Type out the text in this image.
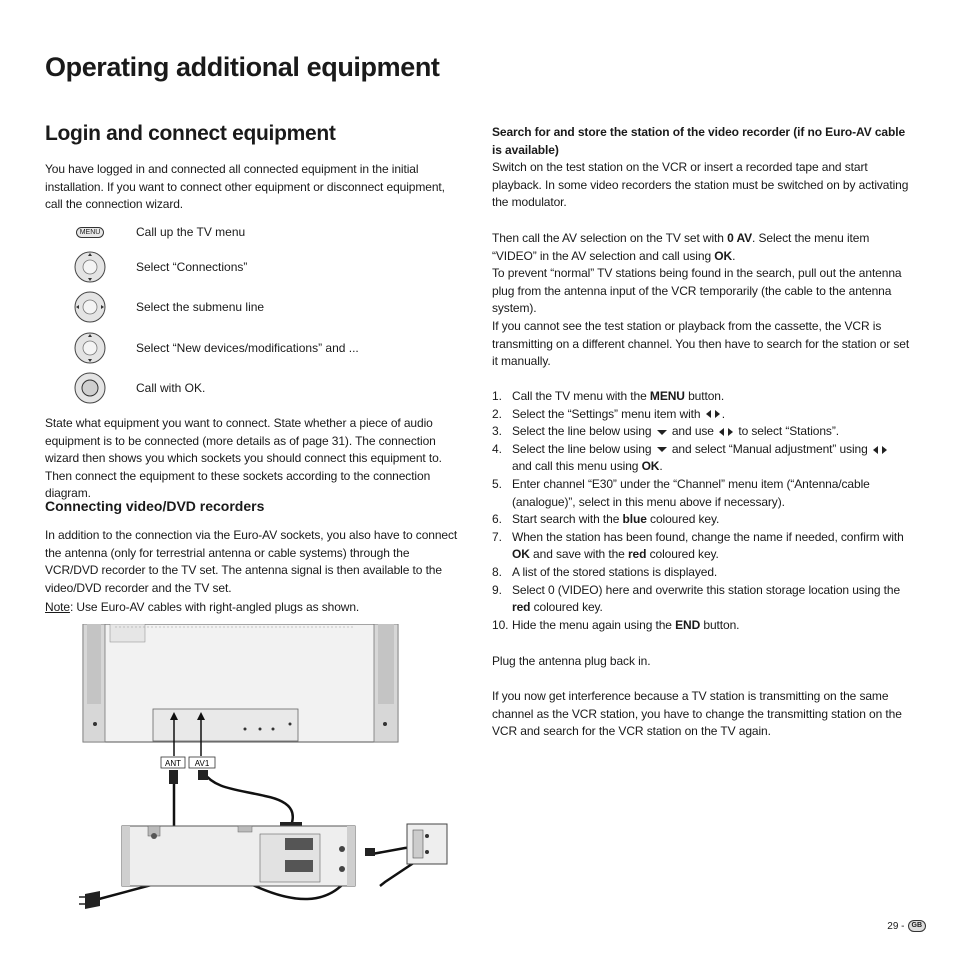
Operating additional equipment
Login and connect equipment
You have logged in and connected all connected equipment in the initial installation. If you want to connect other equipment or disconnect equipment, call the connection wizard.
MENU	Call up the TV menu
Select “Connections”
Select the submenu line
Select “New devices/modifications” and ...
Call with OK.
State what equipment you want to connect. State whether a piece of audio equipment is to be connected (more details as of page 31). The connection wizard then shows you which sockets you should connect this equipment to. Then connect the equipment to these sockets according to the connection diagram.
Connecting video/DVD recorders
In addition to the connection via the Euro-AV sockets, you also have to connect the antenna (only for terrestrial antenna or cable systems) through the VCR/DVD recorder to the TV set. The antenna signal is then available to the video/DVD recorder and the TV set.
Note: Use Euro-AV cables with right-angled plugs as shown.
ANT AV1
Search for and store the station of the video recorder (if no Euro-AV cable is available)
Switch on the test station on the VCR or insert a recorded tape and start playback. In some video recorders the station must be switched on by activating the modulator.
Then call the AV selection on the TV set with 0 AV. Select the menu item “VIDEO” in the AV selection and call using OK.
To prevent “normal” TV stations being found in the search, pull out the antenna plug from the antenna input of the VCR temporarily (the cable to the antenna system).
If you cannot see the test station or playback from the cassette, the VCR is transmitting on a different channel. You then have to search for the station or set it manually.
1. Call the TV menu with the MENU button.
2. Select the “Settings” menu item with .
3. Select the line below using  and use  to select “Stations”.
4. Select the line below using  and select “Manual adjustment” using
and call this menu using OK.
5. Enter channel “E30” under the “Channel” menu item (“Antenna/cable (analogue)”, select in this menu above if necessary).
6. Start search with the blue coloured key.
7. When the station has been found, change the name if needed, confirm with OK and save with the red coloured key.
8. A list of the stored stations is displayed.
9. Select 0 (VIDEO) here and overwrite this station storage location using the red coloured key.
10. Hide the menu again using the END button.
Plug the antenna plug back in.
If you now get interference because a TV station is transmitting on the same channel as the VCR station, you have to change the transmitting station on the VCR and search for the VCR station on the TV again.
29 -	GB
